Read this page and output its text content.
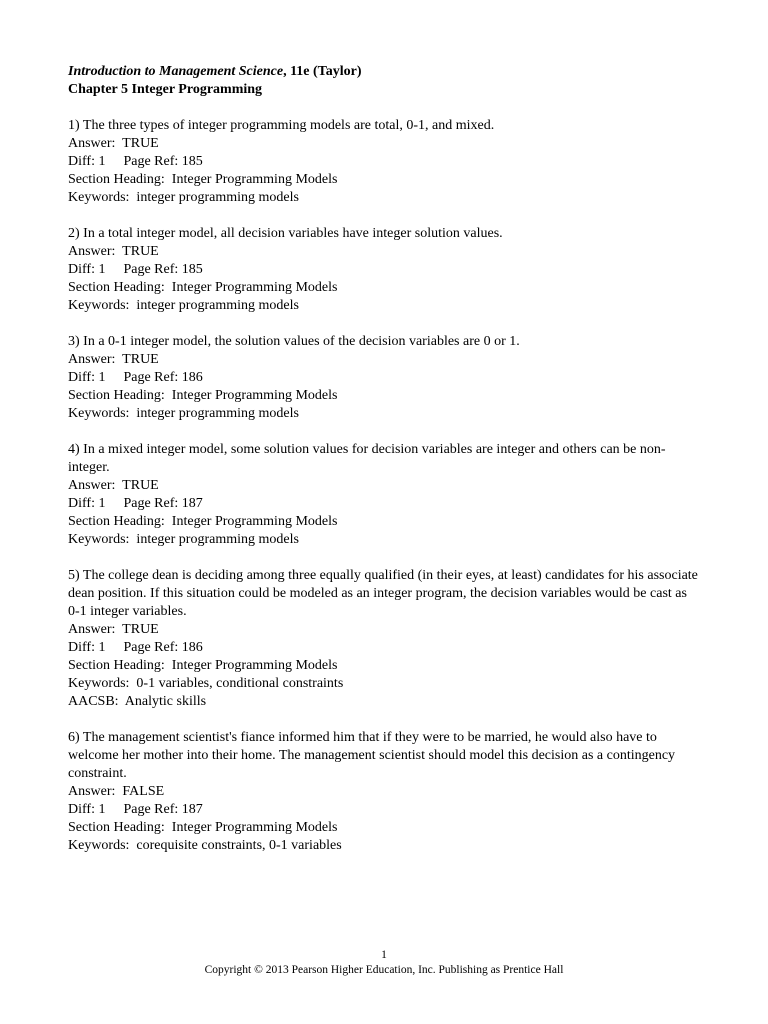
Introduction to Management Science, 11e (Taylor)
Chapter 5 Integer Programming
1) The three types of integer programming models are total, 0-1, and mixed.
Answer:  TRUE
Diff: 1 Page Ref: 185
Section Heading:  Integer Programming Models
Keywords:  integer programming models
2) In a total integer model, all decision variables have integer solution values.
Answer:  TRUE
Diff: 1 Page Ref: 185
Section Heading:  Integer Programming Models
Keywords:  integer programming models
3) In a 0-1 integer model, the solution values of the decision variables are 0 or 1.
Answer:  TRUE
Diff: 1 Page Ref: 186
Section Heading:  Integer Programming Models
Keywords:  integer programming models
4) In a mixed integer model, some solution values for decision variables are integer and others can be non-integer.
Answer:  TRUE
Diff: 1 Page Ref: 187
Section Heading:  Integer Programming Models
Keywords:  integer programming models
5) The college dean is deciding among three equally qualified (in their eyes, at least) candidates for his associate dean position. If this situation could be modeled as an integer program, the decision variables would be cast as 0-1 integer variables.
Answer:  TRUE
Diff: 1 Page Ref: 186
Section Heading:  Integer Programming Models
Keywords:  0-1 variables, conditional constraints
AACSB:  Analytic skills
6) The management scientist's fiance informed him that if they were to be married, he would also have to welcome her mother into their home. The management scientist should model this decision as a contingency constraint.
Answer:  FALSE
Diff: 1 Page Ref: 187
Section Heading:  Integer Programming Models
Keywords:  corequisite constraints, 0-1 variables
1
Copyright © 2013 Pearson Higher Education, Inc. Publishing as Prentice Hall
